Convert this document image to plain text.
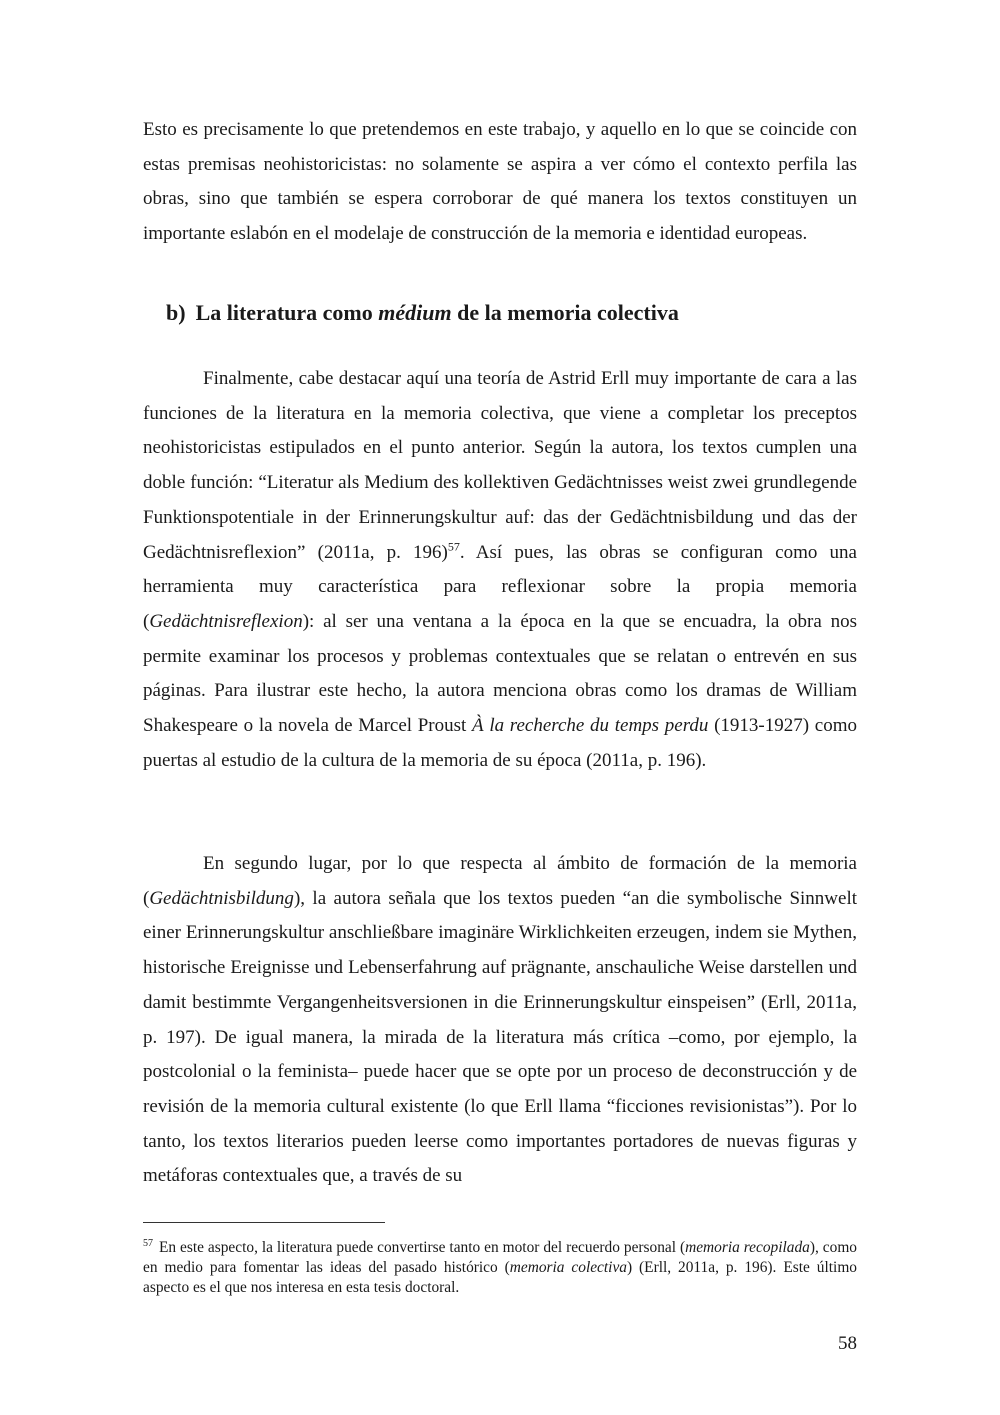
Esto es precisamente lo que pretendemos en este trabajo, y aquello en lo que se coincide con estas premisas neohistoricistas: no solamente se aspira a ver cómo el contexto perfila las obras, sino que también se espera corroborar de qué manera los textos constituyen un importante eslabón en el modelaje de construcción de la memoria e identidad europeas.

b) La literatura como médium de la memoria colectiva

Finalmente, cabe destacar aquí una teoría de Astrid Erll muy importante de cara a las funciones de la literatura en la memoria colectiva, que viene a completar los preceptos neohistoricistas estipulados en el punto anterior. Según la autora, los textos cumplen una doble función: “Literatur als Medium des kollektiven Gedächtnisses weist zwei grundlegende Funktionspotentiale in der Erinnerungskultur auf: das der Gedächtnisbildung und das der Gedächtnisreflexion” (2011a, p. 196)$^{57}$. Así pues, las obras se configuran como una herramienta muy característica para reflexionar sobre la propia memoria (Gedächtnisreflexion): al ser una ventana a la época en la que se encuadra, la obra nos permite examinar los procesos y problemas contextuales que se relatan o entrevén en sus páginas. Para ilustrar este hecho, la autora menciona obras como los dramas de William Shakespeare o la novela de Marcel Proust À la recherche du temps perdu (1913-1927) como puertas al estudio de la cultura de la memoria de su época (2011a, p. 196).

En segundo lugar, por lo que respecta al ámbito de formación de la memoria (Gedächtnisbildung), la autora señala que los textos pueden “an die symbolische Sinnwelt einer Erinnerungskultur anschließbare imaginäre Wirklichkeiten erzeugen, indem sie Mythen, historische Ereignisse und Lebenserfahrung auf prägnante, anschauliche Weise darstellen und damit bestimmte Vergangenheitsversionen in die Erinnerungskultur einspeisen” (Erll, 2011a, p. 197). De igual manera, la mirada de la literatura más crítica –como, por ejemplo, la postcolonial o la feminista– puede hacer que se opte por un proceso de deconstrucción y de revisión de la memoria cultural existente (lo que Erll llama “ficciones revisionistas”). Por lo tanto, los textos literarios pueden leerse como importantes portadores de nuevas figuras y metáforas contextuales que, a través de su

$^{57}$ En este aspecto, la literatura puede convertirse tanto en motor del recuerdo personal (memoria recopilada), como en medio para fomentar las ideas del pasado histórico (memoria colectiva) (Erll, 2011a, p. 196). Este último aspecto es el que nos interesa en esta tesis doctoral.

58
